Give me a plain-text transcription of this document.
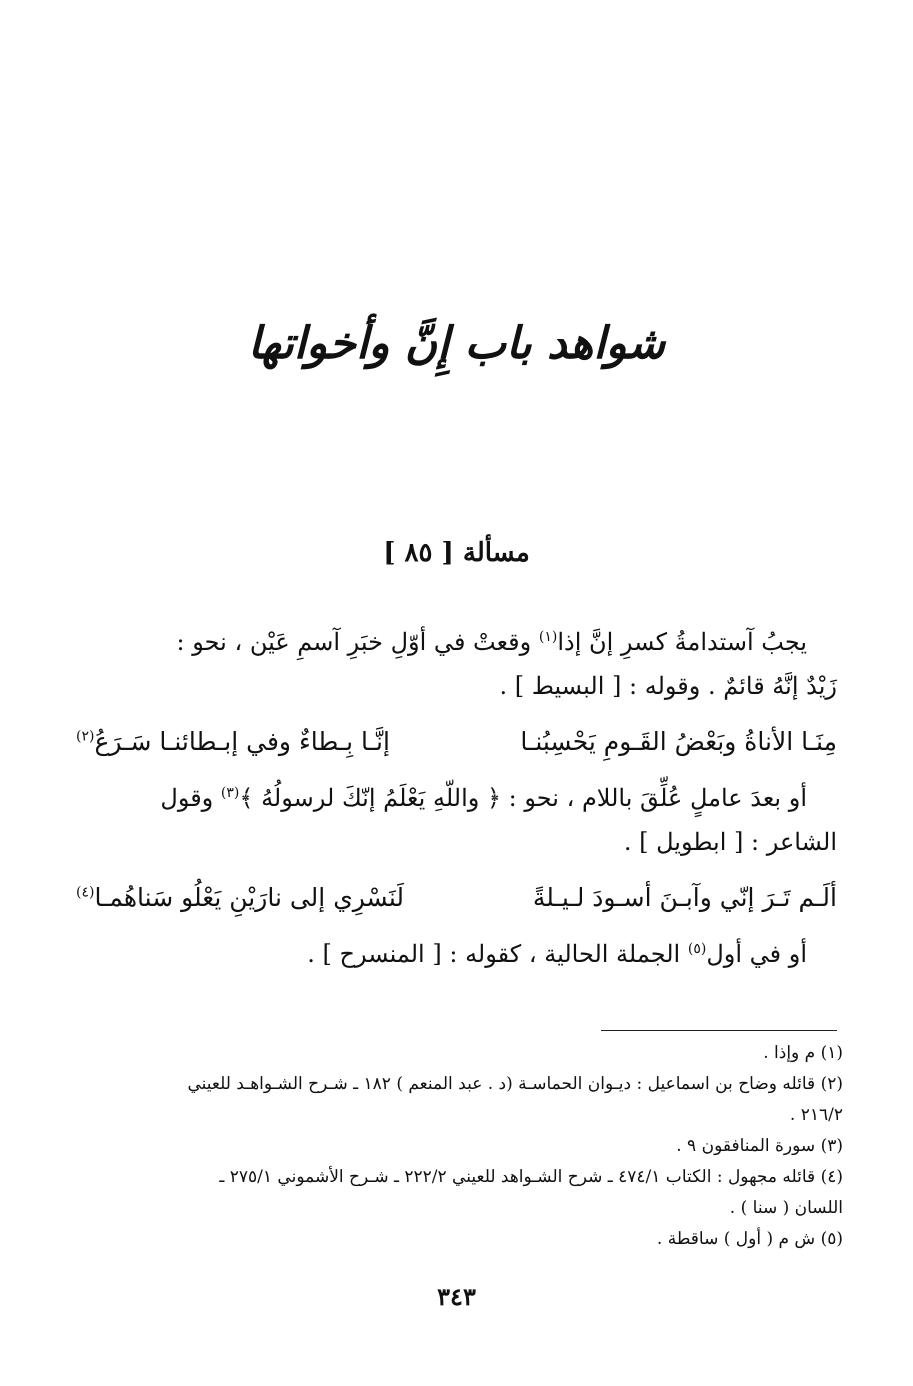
شواهد باب إِنَّ وأخواتها
مسألة [ ٨٥ ]

يجبُ آستدامةُ كسرِ إنَّ إذا$^{(١)}$ وقعتْ في أوّلِ خبَرِ آسمِ عَيْن ، نحو :
زَيْدٌ إنَّهُ قائمٌ . وقوله : [ البسيط ] .

مِنَـا الأناةُ وبَعْضُ القَـومِ يَحْسِبُنـا
إنَّـا بِـطاءٌ وفي إبـطائنـا سَـرَعُ$^{(٢)}$

أو بعدَ عاملٍ عُلِّقَ باللام ، نحو : ﴿ واللّهِ يَعْلَمُ إنّكَ لرسولُهُ ﴾$^{(٣)}$ وقول
الشاعر : [ ابطويل ] .

ألَـم تَـرَ إنّي وآبـنَ أسـودَ لـيـلةً
لَنَسْرِي إلى نارَيْنِ يَعْلُو سَناهُمـا$^{(٤)}$

أو في أول$^{(٥)}$ الجملة الحالية ، كقوله : [ المنسرح ] .

(١) م وإذا .

(٢) قائله وضاح بن اسماعيل : ديـوان الحماسـة (د . عبد المنعم ) ١٨٢ ـ شـرح الشـواهـد للعيني

٢١٦/٢ .

(٣) سورة المنافقون ٩ .

(٤) قائله مجهول : الكتاب ٤٧٤/١ ـ شرح الشـواهد للعيني ٢٢٢/٢ ـ شـرح الأشموني ٢٧٥/١ ـ

اللسان ( سنا ) .

(٥) ش م ( أول ) ساقطة .

٣٤٣
